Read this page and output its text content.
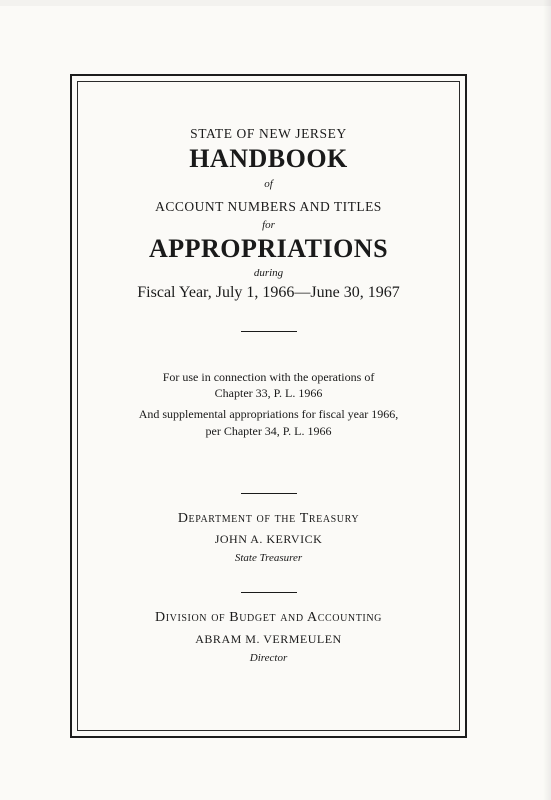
STATE OF NEW JERSEY
HANDBOOK
of
ACCOUNT NUMBERS AND TITLES
for
APPROPRIATIONS
during
Fiscal Year, July 1, 1966—June 30, 1967
For use in connection with the operations of
Chapter 33, P. L. 1966
And supplemental appropriations for fiscal year 1966,
per Chapter 34, P. L. 1966
Department of the Treasury
JOHN A. KERVICK
State Treasurer
Division of Budget and Accounting
ABRAM M. VERMEULEN
Director
